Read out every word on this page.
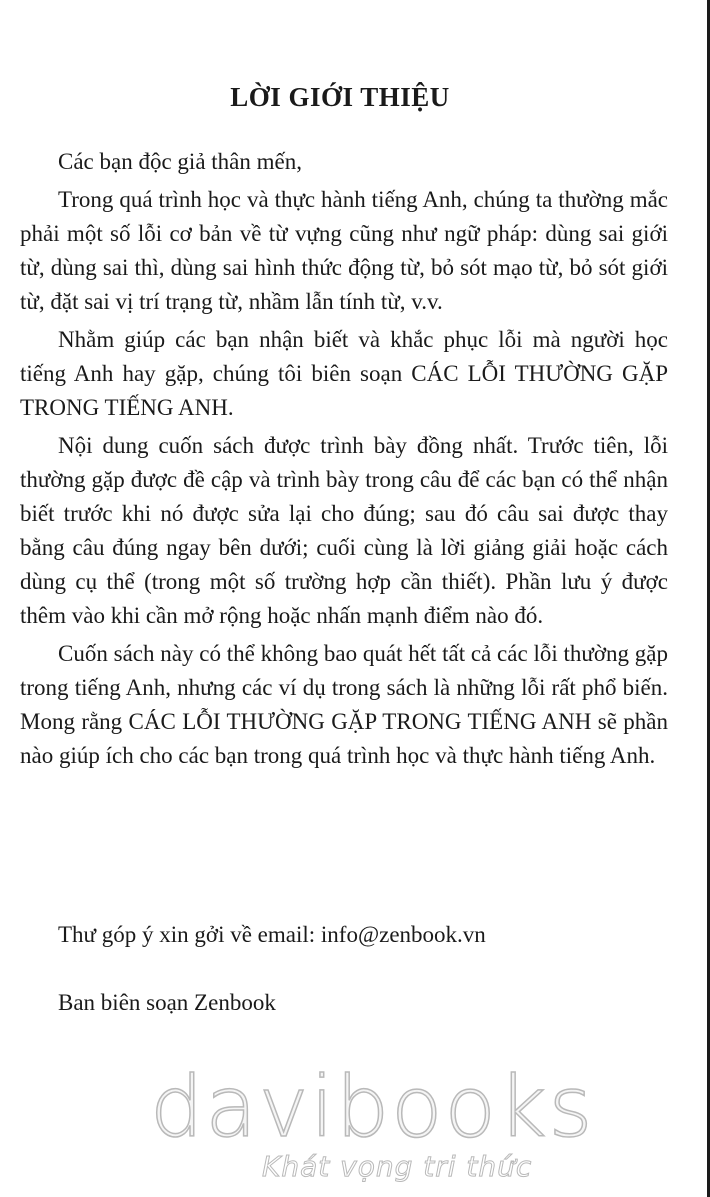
LỜI GIỚI THIỆU

Các bạn độc giả thân mến,

Trong quá trình học và thực hành tiếng Anh, chúng ta thường mắc phải một số lỗi cơ bản về từ vựng cũng như ngữ pháp: dùng sai giới từ, dùng sai thì, dùng sai hình thức động từ, bỏ sót mạo từ, bỏ sót giới từ, đặt sai vị trí trạng từ, nhầm lẫn tính từ, v.v.

Nhằm giúp các bạn nhận biết và khắc phục lỗi mà người học tiếng Anh hay gặp, chúng tôi biên soạn CÁC LỖI THƯỜNG GẶP TRONG TIẾNG ANH.

Nội dung cuốn sách được trình bày đồng nhất. Trước tiên, lỗi thường gặp được đề cập và trình bày trong câu để các bạn có thể nhận biết trước khi nó được sửa lại cho đúng; sau đó câu sai được thay bằng câu đúng ngay bên dưới; cuối cùng là lời giảng giải hoặc cách dùng cụ thể (trong một số trường hợp cần thiết). Phần lưu ý được thêm vào khi cần mở rộng hoặc nhấn mạnh điểm nào đó.

Cuốn sách này có thể không bao quát hết tất cả các lỗi thường gặp trong tiếng Anh, nhưng các ví dụ trong sách là những lỗi rất phổ biến. Mong rằng CÁC LỖI THƯỜNG GẶP TRONG TIẾNG ANH sẽ phần nào giúp ích cho các bạn trong quá trình học và thực hành tiếng Anh.

Thư góp ý xin gởi về email: info@zenbook.vn
Ban biên soạn Zenbook
davibooks
Khát vọng tri thức
